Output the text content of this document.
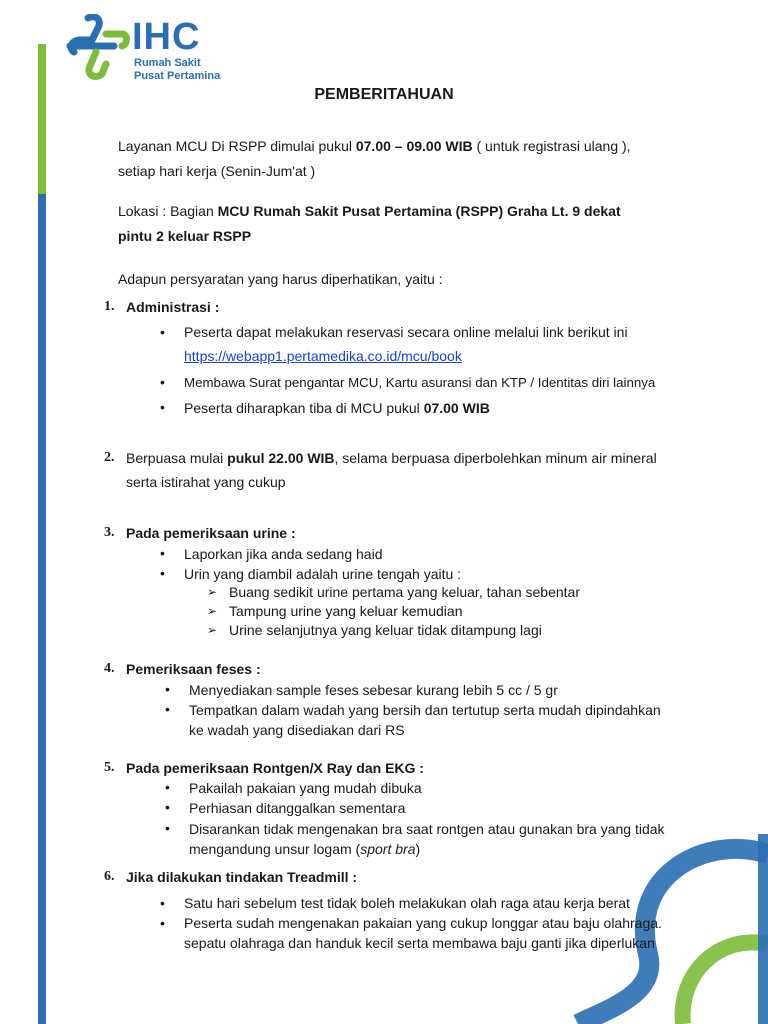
IHC
Rumah Sakit
Pusat Pertamina
PEMBERITAHUAN
Layanan MCU Di RSPP dimulai pukul 07.00 – 09.00 WIB ( untuk registrasi ulang ),
setiap hari kerja (Senin-Jum'at )
Lokasi : Bagian MCU Rumah Sakit Pusat Pertamina (RSPP) Graha Lt. 9 dekat
pintu 2 keluar RSPP
Adapun persyaratan yang harus diperhatikan, yaitu :
1. Administrasi :
•	Peserta dapat melakukan reservasi secara online melalui link berikut ini
https://webapp1.pertamedika.co.id/mcu/book
•	Membawa Surat pengantar MCU, Kartu asuransi dan KTP / Identitas diri lainnya
•	Peserta diharapkan tiba di MCU pukul 07.00 WIB
2. Berpuasa mulai pukul 22.00 WIB, selama berpuasa diperbolehkan minum air mineral
serta istirahat yang cukup
3. Pada pemeriksaan urine :
•	Laporkan jika anda sedang haid
•	Urin yang diambil adalah urine tengah yaitu :
➢ Buang sedikit urine pertama yang keluar, tahan sebentar
➢ Tampung urine yang keluar kemudian
➢ Urine selanjutnya yang keluar tidak ditampung lagi
4. Pemeriksaan feses :
•	Menyediakan sample feses sebesar kurang lebih 5 cc / 5 gr
•	Tempatkan dalam wadah yang bersih dan tertutup serta mudah dipindahkan
ke wadah yang disediakan dari RS
5. Pada pemeriksaan Rontgen/X Ray dan EKG :
•	Pakailah pakaian yang mudah dibuka
•	Perhiasan ditanggalkan sementara
•	Disarankan tidak mengenakan bra saat rontgen atau gunakan bra yang tidak
mengandung unsur logam (sport bra)
6. Jika dilakukan tindakan Treadmill :
•	Satu hari sebelum test tidak boleh melakukan olah raga atau kerja berat
•	Peserta sudah mengenakan pakaian yang cukup longgar atau baju olahraga.
sepatu olahraga dan handuk kecil serta membawa baju ganti jika diperlukan
